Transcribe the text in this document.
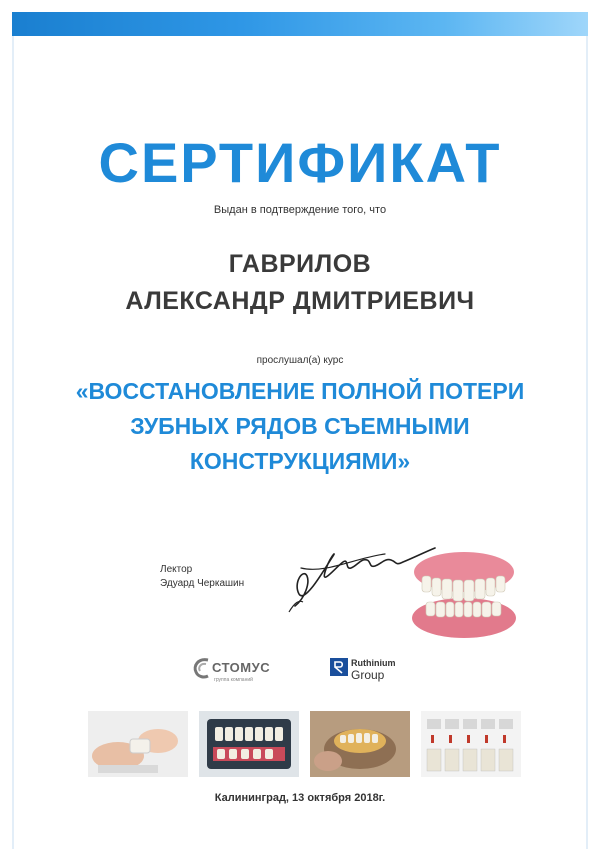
СЕРТИФИКАТ
Выдан в подтверждение того, что
ГАВРИЛОВ
АЛЕКСАНДР ДМИТРИЕВИЧ
прослушал(а) курс
«ВОССТАНОВЛЕНИЕ ПОЛНОЙ ПОТЕРИ
ЗУБНЫХ РЯДОВ СЪЕМНЫМИ
КОНСТРУКЦИЯМИ»
Лектор
Эдуард Черкашин
СТОМУС
группа компаний
Ruthinium
Group
Калининград, 13 октября 2018г.
